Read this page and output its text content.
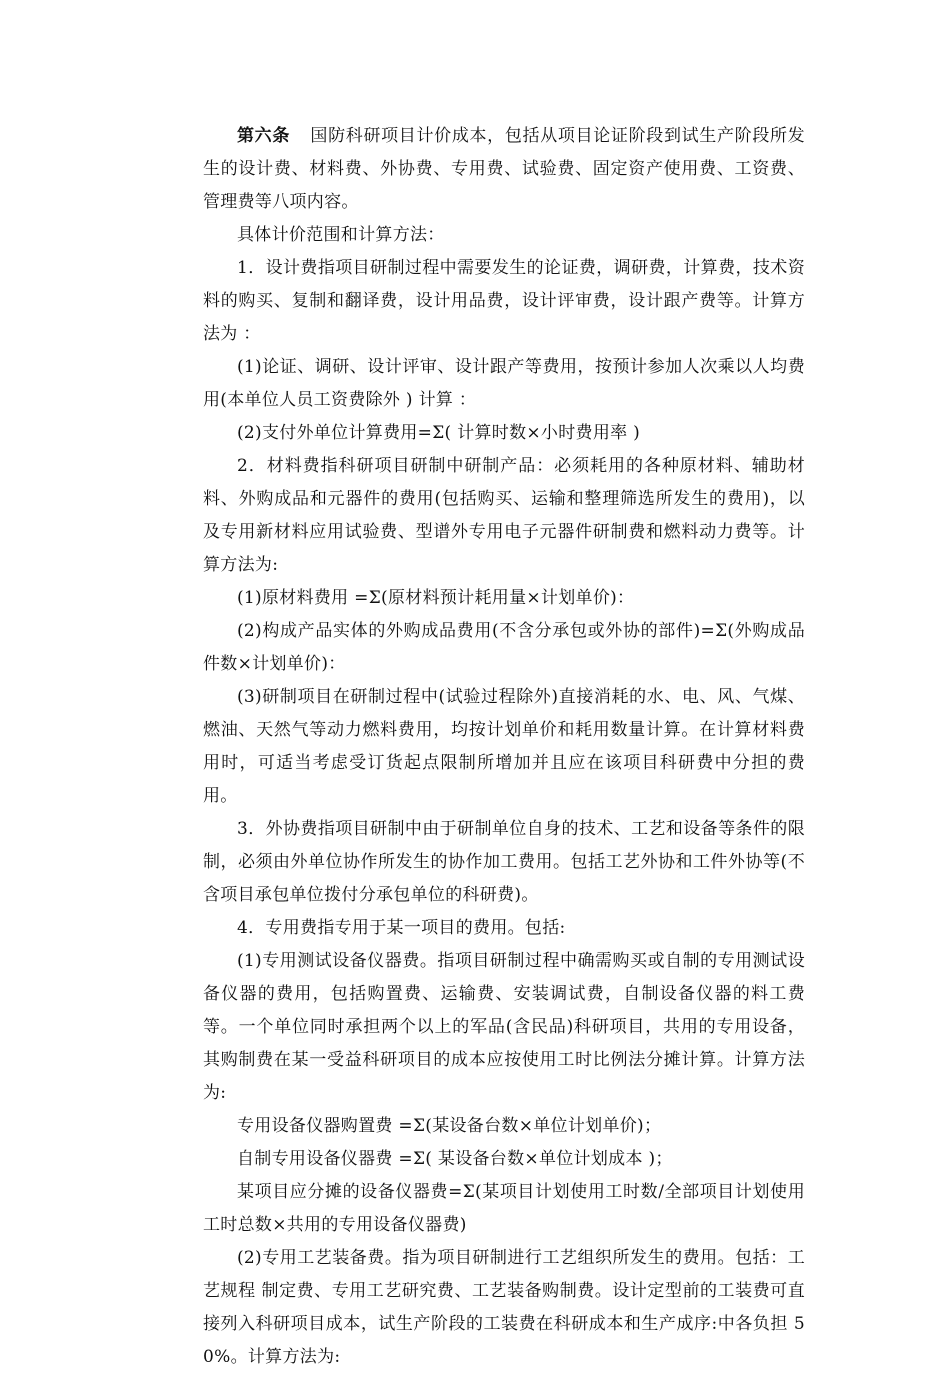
第六条 国防科研项目计价成本，包括从项目论证阶段到试生产阶段所发生的设计费、材料费、外协费、专用费、试验费、固定资产使用费、工资费、管理费等八项内容。

具体计价范围和计算方法：

1．设计费指项目研制过程中需要发生的论证费，调研费，计算费，技术资料的购买、复制和翻译费，设计用品费，设计评审费，设计跟产费等。计算方法为 ：

(1)论证、调研、设计评审、设计跟产等费用，按预计参加人次乘以人均费用(本单位人员工资费除外 ) 计算 ：

(2)支付外单位计算费用=Σ( 计算时数×小时费用率 )

2．材料费指科研项目研制中研制产品：必须耗用的各种原材料、辅助材料、外购成品和元器件的费用(包括购买、运输和整理筛选所发生的费用)，以及专用新材料应用试验费、型谱外专用电子元器件研制费和燃料动力费等。计算方法为:

(1)原材料费用 =Σ(原材料预计耗用量×计划单价)：

(2)构成产品实体的外购成品费用(不含分承包或外协的部件)=Σ(外购成品件数×计划单价)：

(3)研制项目在研制过程中(试验过程除外)直接消耗的水、电、风、气煤、燃油、天然气等动力燃料费用，均按计划单价和耗用数量计算。在计算材料费用时，可适当考虑受订货起点限制所增加并且应在该项目科研费中分担的费用。

3．外协费指项目研制中由于研制单位自身的技术、工艺和设备等条件的限制，必须由外单位协作所发生的协作加工费用。包括工艺外协和工件外协等(不含项目承包单位拨付分承包单位的科研费)。

4．专用费指专用于某一项目的费用。包括:

(1)专用测试设备仪器费。指项目研制过程中确需购买或自制的专用测试设备仪器的费用，包括购置费、运输费、安装调试费，自制设备仪器的料工费等。一个单位同时承担两个以上的军品(含民品)科研项目，共用的专用设备，其购制费在某一受益科研项目的成本应按使用工时比例法分摊计算。计算方法为:

专用设备仪器购置费 =Σ(某设备台数×单位计划单价)；

自制专用设备仪器费 =Σ( 某设备台数×单位计划成本 )；

某项目应分摊的设备仪器费=Σ(某项目计划使用工时数/全部项目计划使用工时总数×共用的专用设备仪器费)

(2)专用工艺装备费。指为项目研制进行工艺组织所发生的费用。包括：工艺规程 制定费、专用工艺研究费、工艺装备购制费。设计定型前的工装费可直接列入科研项目成本，试生产阶段的工装费在科研成本和生产成序:中各负担 50%。计算方法为:
